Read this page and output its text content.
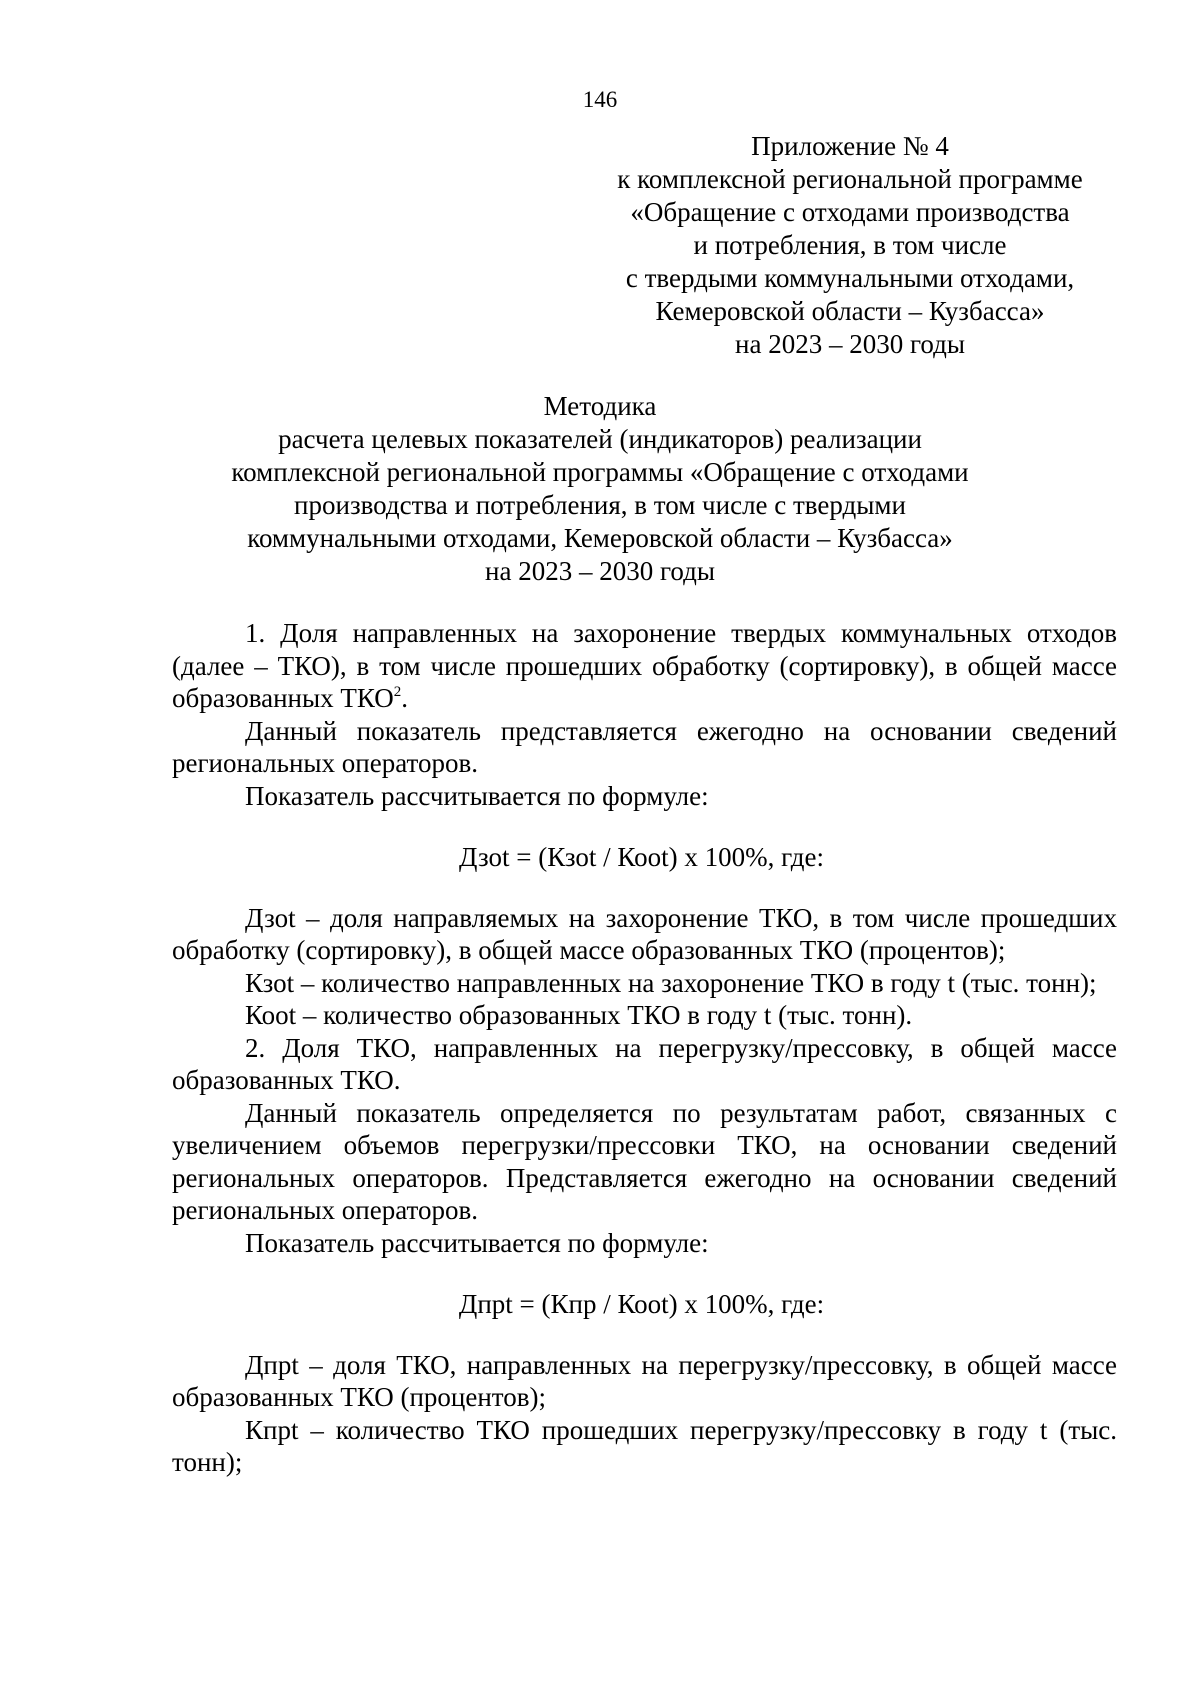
146
Приложение № 4
к комплексной региональной программе
«Обращение с отходами производства
и потребления, в том числе
с твердыми коммунальными отходами,
Кемеровской области – Кузбасса»
на 2023 – 2030 годы
Методика
расчета целевых показателей (индикаторов) реализации
комплексной региональной программы «Обращение с отходами
производства и потребления, в том числе с твердыми
коммунальными отходами, Кемеровской области – Кузбасса»
на 2023 – 2030 годы

1. Доля направленных на захоронение твердых коммунальных отходов (далее – ТКО), в том числе прошедших обработку (сортировку), в общей массе образованных ТКО$^2$.

Данный показатель представляется ежегодно на основании сведений региональных операторов.

Показатель рассчитывается по формуле:

Дзоt = (Кзоt / Коot) х 100%, где:

Дзоt – доля направляемых на захоронение ТКО, в том числе прошедших обработку (сортировку), в общей массе образованных ТКО (процентов);

Кзоt – количество направленных на захоронение ТКО в году t (тыс. тонн);

Коot – количество образованных ТКО в году t (тыс. тонн).

2. Доля ТКО, направленных на перегрузку/прессовку, в общей массе образованных ТКО.

Данный показатель определяется по результатам работ, связанных с увеличением объемов перегрузки/прессовки ТКО, на основании сведений региональных операторов. Представляется ежегодно на основании сведений региональных операторов.

Показатель рассчитывается по формуле:

Дпрt = (Кпр / Коot) х 100%, где:

Дпрt – доля ТКО, направленных на перегрузку/прессовку, в общей массе образованных ТКО (процентов);

Кпрt – количество ТКО прошедших перегрузку/прессовку в году t (тыс. тонн);
